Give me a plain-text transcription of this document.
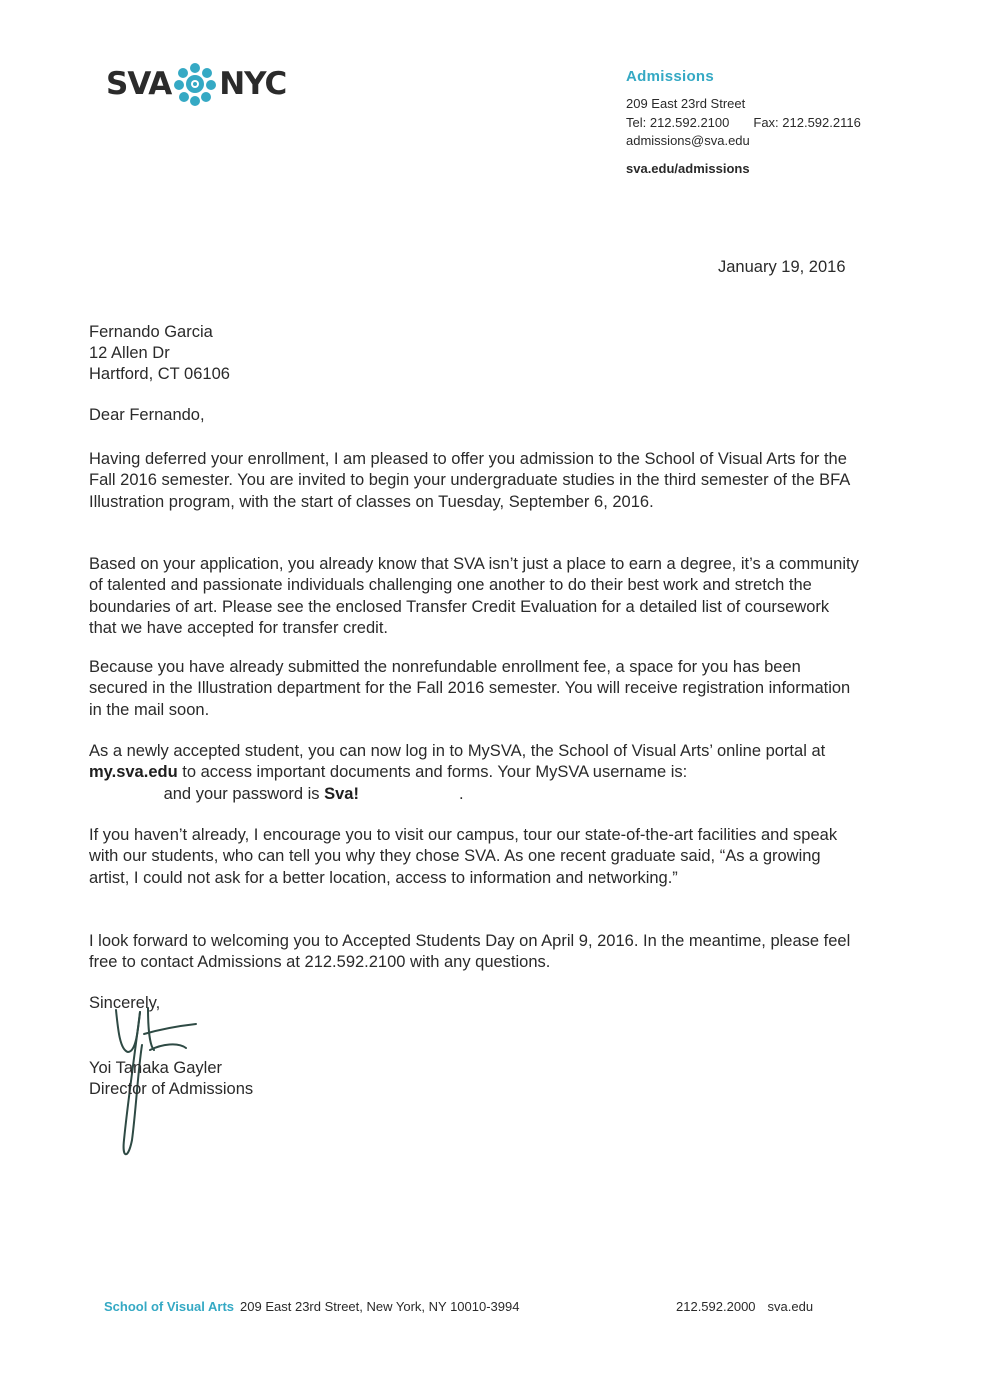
SVA NYC	Admissions
209 East 23rd Street
Tel: 212.592.2100 Fax: 212.592.2116
admissions@sva.edu
sva.edu/admissions
January 19, 2016
Fernando Garcia
12 Allen Dr
Hartford, CT 06106
Dear Fernando,

Having deferred your enrollment, I am pleased to offer you admission to the School of Visual Arts for the Fall 2016 semester. You are invited to begin your undergraduate studies in the third semester of the BFA Illustration program, with the start of classes on Tuesday, September 6, 2016.

Based on your application, you already know that SVA isn’t just a place to earn a degree, it’s a community of talented and passionate individuals challenging one another to do their best work and stretch the boundaries of art. Please see the enclosed Transfer Credit Evaluation for a detailed list of coursework that we have accepted for transfer credit.

Because you have already submitted the nonrefundable enrollment fee, a space for you has been secured in the Illustration department for the Fall 2016 semester. You will receive registration information in the mail soon.

As a newly accepted student, you can now log in to MySVA, the School of Visual Arts’ online portal at my.sva.edu to access important documents and forms. Your MySVA username is:
and your password is Sva!	.

If you haven’t already, I encourage you to visit our campus, tour our state-of-the-art facilities and speak with our students, who can tell you why they chose SVA. As one recent graduate said, “As a growing artist, I could not ask for a better location, access to information and networking.”

I look forward to welcoming you to Accepted Students Day on April 9, 2016. In the meantime, please feel free to contact Admissions at 212.592.2100 with any questions.

Sincerely,
Yoi Tanaka Gayler
Director of Admissions
School of Visual Arts 209 East 23rd Street, New York, NY 10010-3994	212.592.2000 sva.edu
